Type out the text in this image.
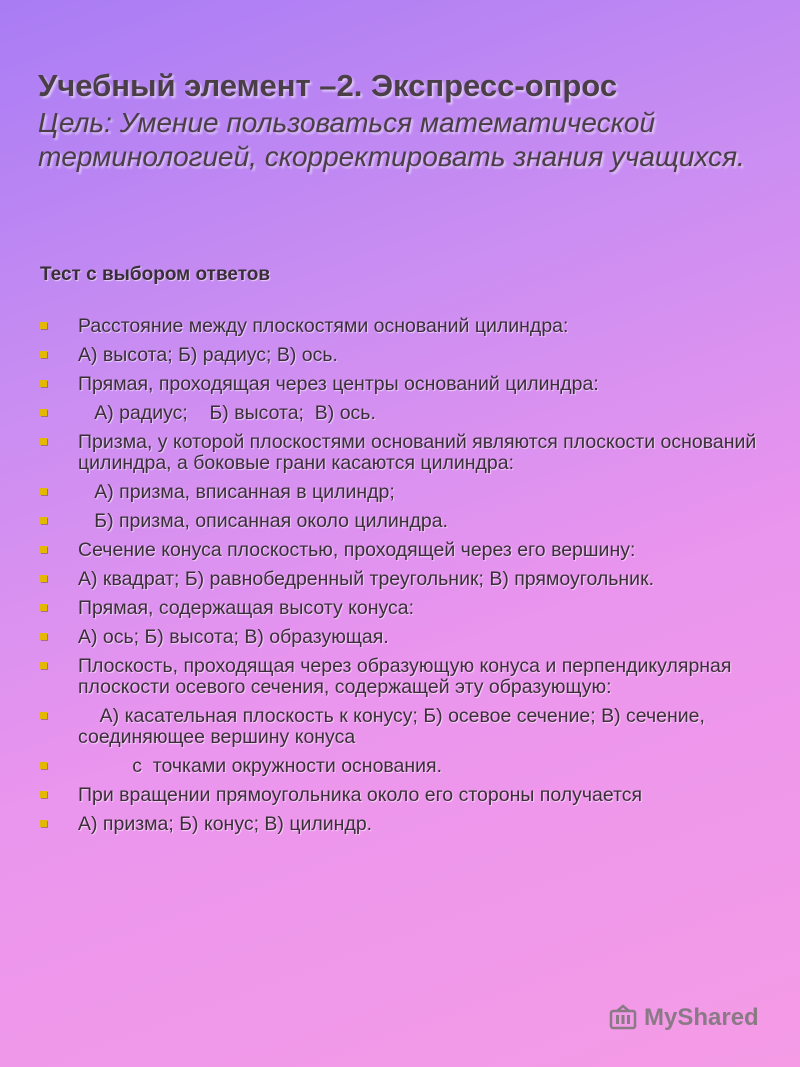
Учебный элемент –2. Экспресс-опрос

Цель: Умение пользоваться математической терминологией, скорректировать знания учащихся.

Тест с выбором ответов
Расстояние между плоскостями оснований цилиндра:
А) высота; Б) радиус; В) ось.
Прямая, проходящая через центры оснований цилиндра:
А) радиус;    Б) высота;  В) ось.
Призма, у которой плоскостями оснований являются плоскости оснований цилиндра, а боковые грани касаются цилиндра:
А) призма, вписанная в цилиндр;
Б) призма, описанная около цилиндра.
Сечение конуса плоскостью, проходящей через его вершину:
А) квадрат; Б) равнобедренный треугольник; В) прямоугольник.
Прямая, содержащая высоту конуса:
А) ось; Б) высота; В) образующая.
Плоскость, проходящая через образующую конуса и перпендикулярная плоскости осевого сечения, содержащей эту образующую:
А) касательная плоскость к конусу; Б) осевое сечение; В) сечение, соединяющее вершину конуса
с  точками окружности основания.
При вращении прямоугольника около его стороны получается
А) призма; Б) конус; В) цилиндр.
MyShared
